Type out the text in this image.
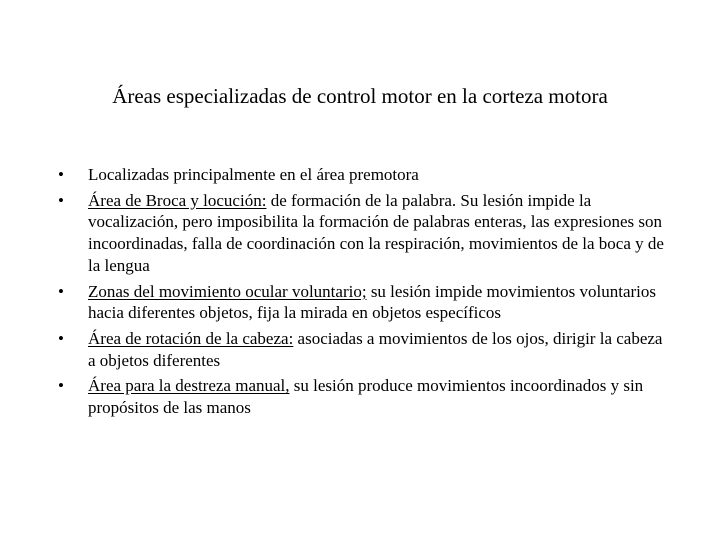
Áreas especializadas de control motor en la corteza motora
•	Localizadas principalmente en el área premotora
•	Área de Broca y locución: de formación de la palabra. Su lesión impide la vocalización, pero imposibilita la formación de palabras enteras, las expresiones son incoordinadas, falla de coordinación con la respiración, movimientos de la boca y de la lengua
•	Zonas del movimiento ocular voluntario; su lesión impide movimientos voluntarios hacia diferentes objetos, fija la mirada en objetos específicos
•	Área de rotación de la cabeza: asociadas a movimientos de los ojos, dirigir la cabeza a objetos diferentes
•	Área para la destreza manual, su lesión produce movimientos incoordinados y sin propósitos de las manos
